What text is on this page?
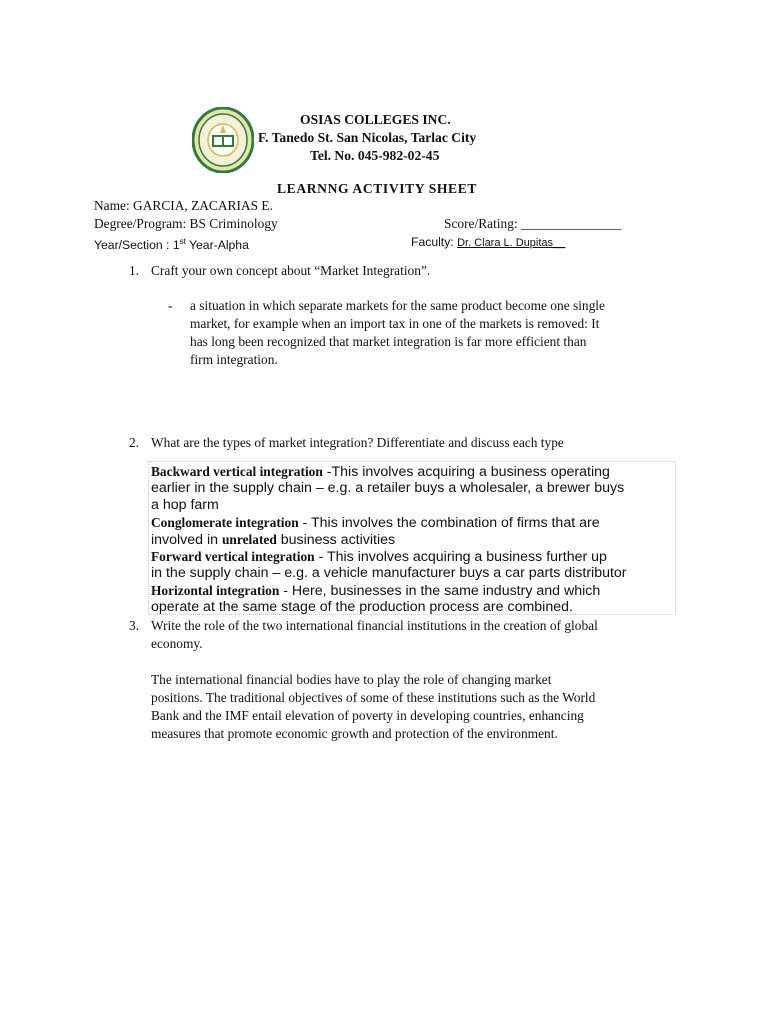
OSIAS COLLEGES INC.
F. Tanedo St. San Nicolas, Tarlac City
Tel. No. 045-982-02-45
LEARNNG ACTIVITY SHEET
Name: GARCIA, ZACARIAS E.
Degree/Program: BS Criminology	Score/Rating: _______________
Year/Section : 1st Year-Alpha	Faculty: Dr. Clara L. Dupitas__
1. Craft your own concept about “Market Integration”.
- a situation in which separate markets for the same product become one single
market, for example when an import tax in one of the markets is removed: It
has long been recognized that market integration is far more efficient than
firm integration.
2. What are the types of market integration? Differentiate and discuss each type
Backward vertical integration -This involves acquiring a business operating
earlier in the supply chain – e.g. a retailer buys a wholesaler, a brewer buys
a hop farm
Conglomerate integration - This involves the combination of firms that are
involved in unrelated business activities
Forward vertical integration - This involves acquiring a business further up
in the supply chain – e.g. a vehicle manufacturer buys a car parts distributor
Horizontal integration - Here, businesses in the same industry and which
operate at the same stage of the production process are combined.
3. Write the role of the two international financial institutions in the creation of global
economy.
The international financial bodies have to play the role of changing market
positions. The traditional objectives of some of these institutions such as the World
Bank and the IMF entail elevation of poverty in developing countries, enhancing
measures that promote economic growth and protection of the environment.
